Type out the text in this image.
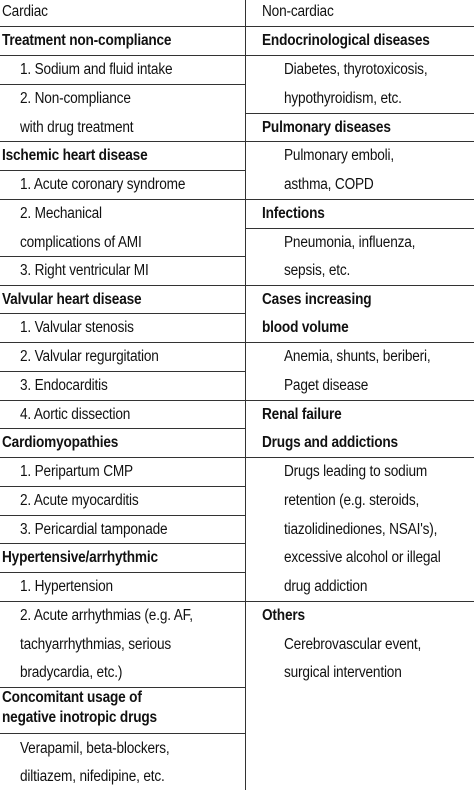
Cardiac
Treatment non-compliance
1. Sodium and fluid intake
2. Non-compliance
with drug treatment
Ischemic heart disease
1. Acute coronary syndrome
2. Mechanical
complications of AMI
3. Right ventricular MI
Valvular heart disease
1. Valvular stenosis
2. Valvular regurgitation
3. Endocarditis
4. Aortic dissection
Cardiomyopathies
1. Peripartum CMP
2. Acute myocarditis
3. Pericardial tamponade
Hypertensive/arrhythmic
1. Hypertension
2. Acute arrhythmias (e.g. AF,
tachyarrhythmias, serious
bradycardia, etc.)
Concomitant usage of
negative inotropic drugs
Verapamil, beta-blockers,
diltiazem, nifedipine, etc.
Non-cardiac
Endocrinological diseases
Diabetes, thyrotoxicosis,
hypothyroidism, etc.
Pulmonary diseases
Pulmonary emboli,
asthma, COPD
Infections
Pneumonia, influenza,
sepsis, etc.
Cases increasing
blood volume
Anemia, shunts, beriberi,
Paget disease
Renal failure
Drugs and addictions
Drugs leading to sodium
retention (e.g. steroids,
tiazolidinediones, NSAI's),
excessive alcohol or illegal
drug addiction
Others
Cerebrovascular event,
surgical intervention
